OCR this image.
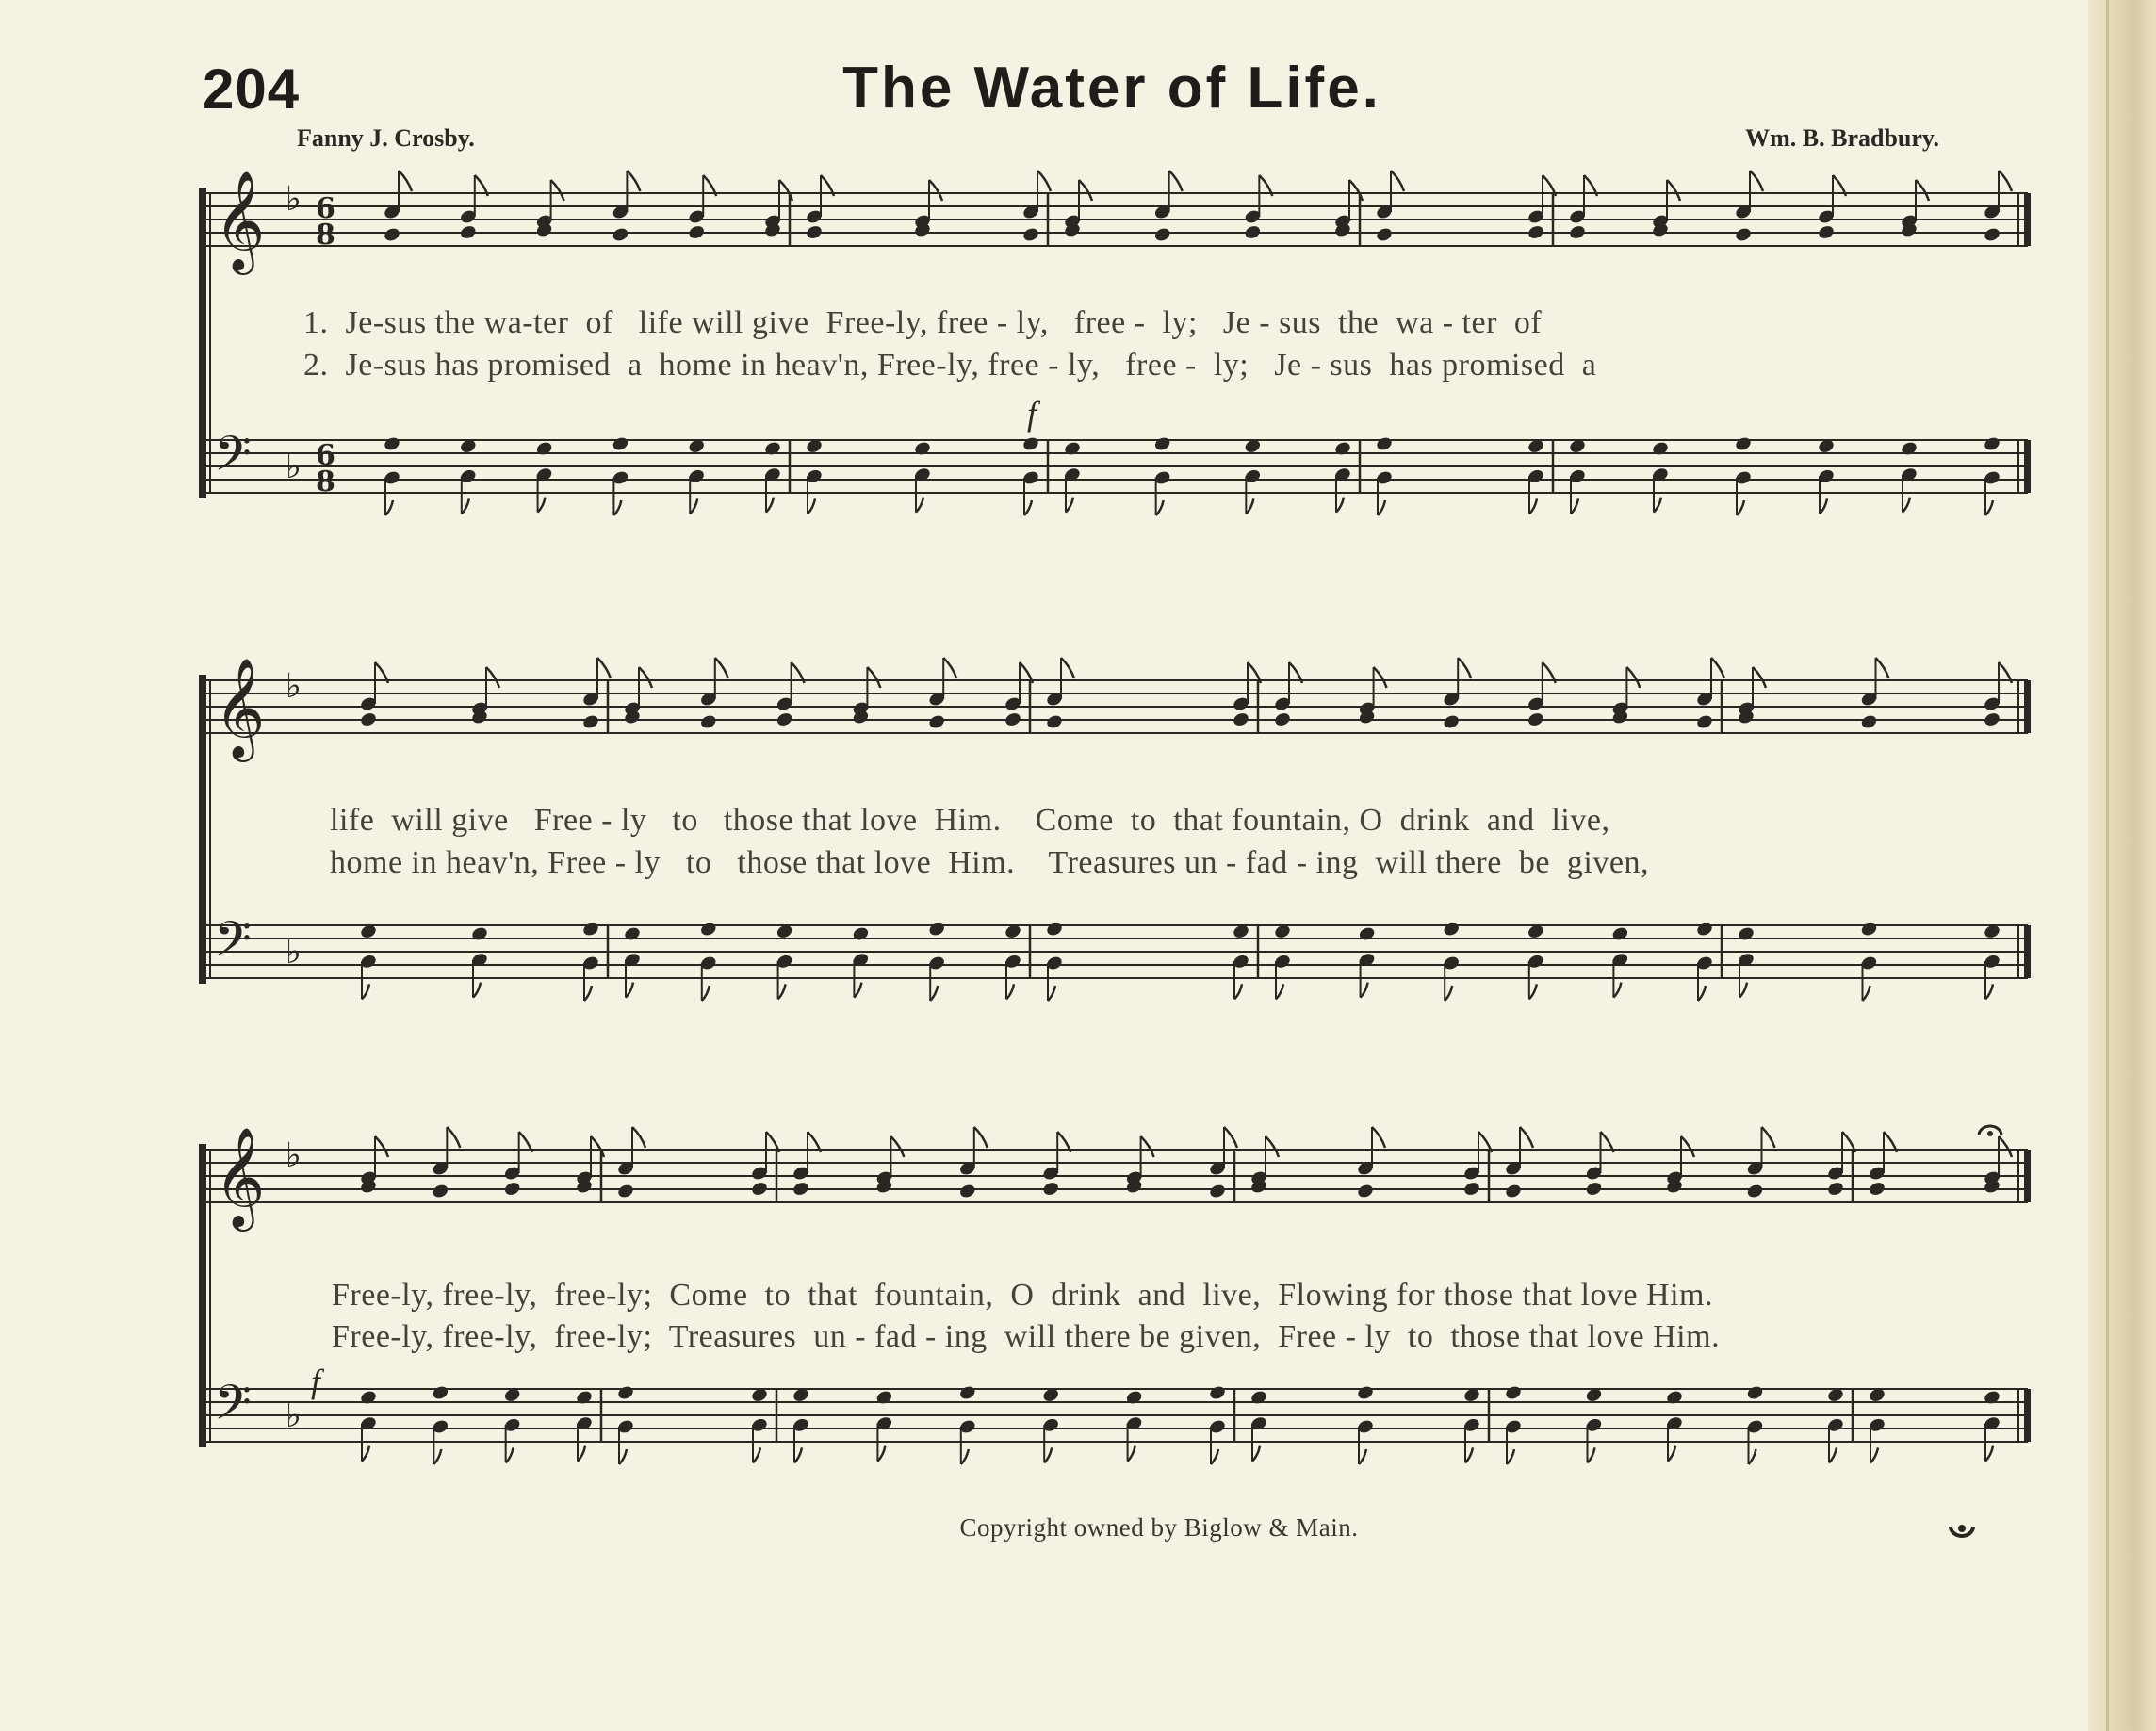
204	The Water of Life.
Fanny J. Crosby.	Wm. B. Bradbury.
𝄞 ♭ 6
8
𝄢 ♭ 6
8
𝄞 ♭
𝄢 ♭
𝄞 ♭
𝄢 ♭
1.  Je-sus the wa-ter  of   life will give  Free-ly, free - ly,   free -  ly;   Je - sus  the  wa - ter  of
2.  Je-sus has promised  a  home in heav'n, Free-ly, free - ly,   free -  ly;   Je - sus  has promised  a
life  will give   Free - ly   to   those that love  Him.    Come  to  that fountain, O  drink  and  live,
home in heav'n, Free - ly   to   those that love  Him.    Treasures un - fad - ing  will there  be  given,
Free-ly, free-ly,  free-ly;  Come  to  that  fountain,  O  drink  and  live,  Flowing for those that love Him.
Free-ly, free-ly,  free-ly;  Treasures  un - fad - ing  will there be given,  Free - ly  to  those that love Him.
f
f
Copyright owned by Biglow & Main.
